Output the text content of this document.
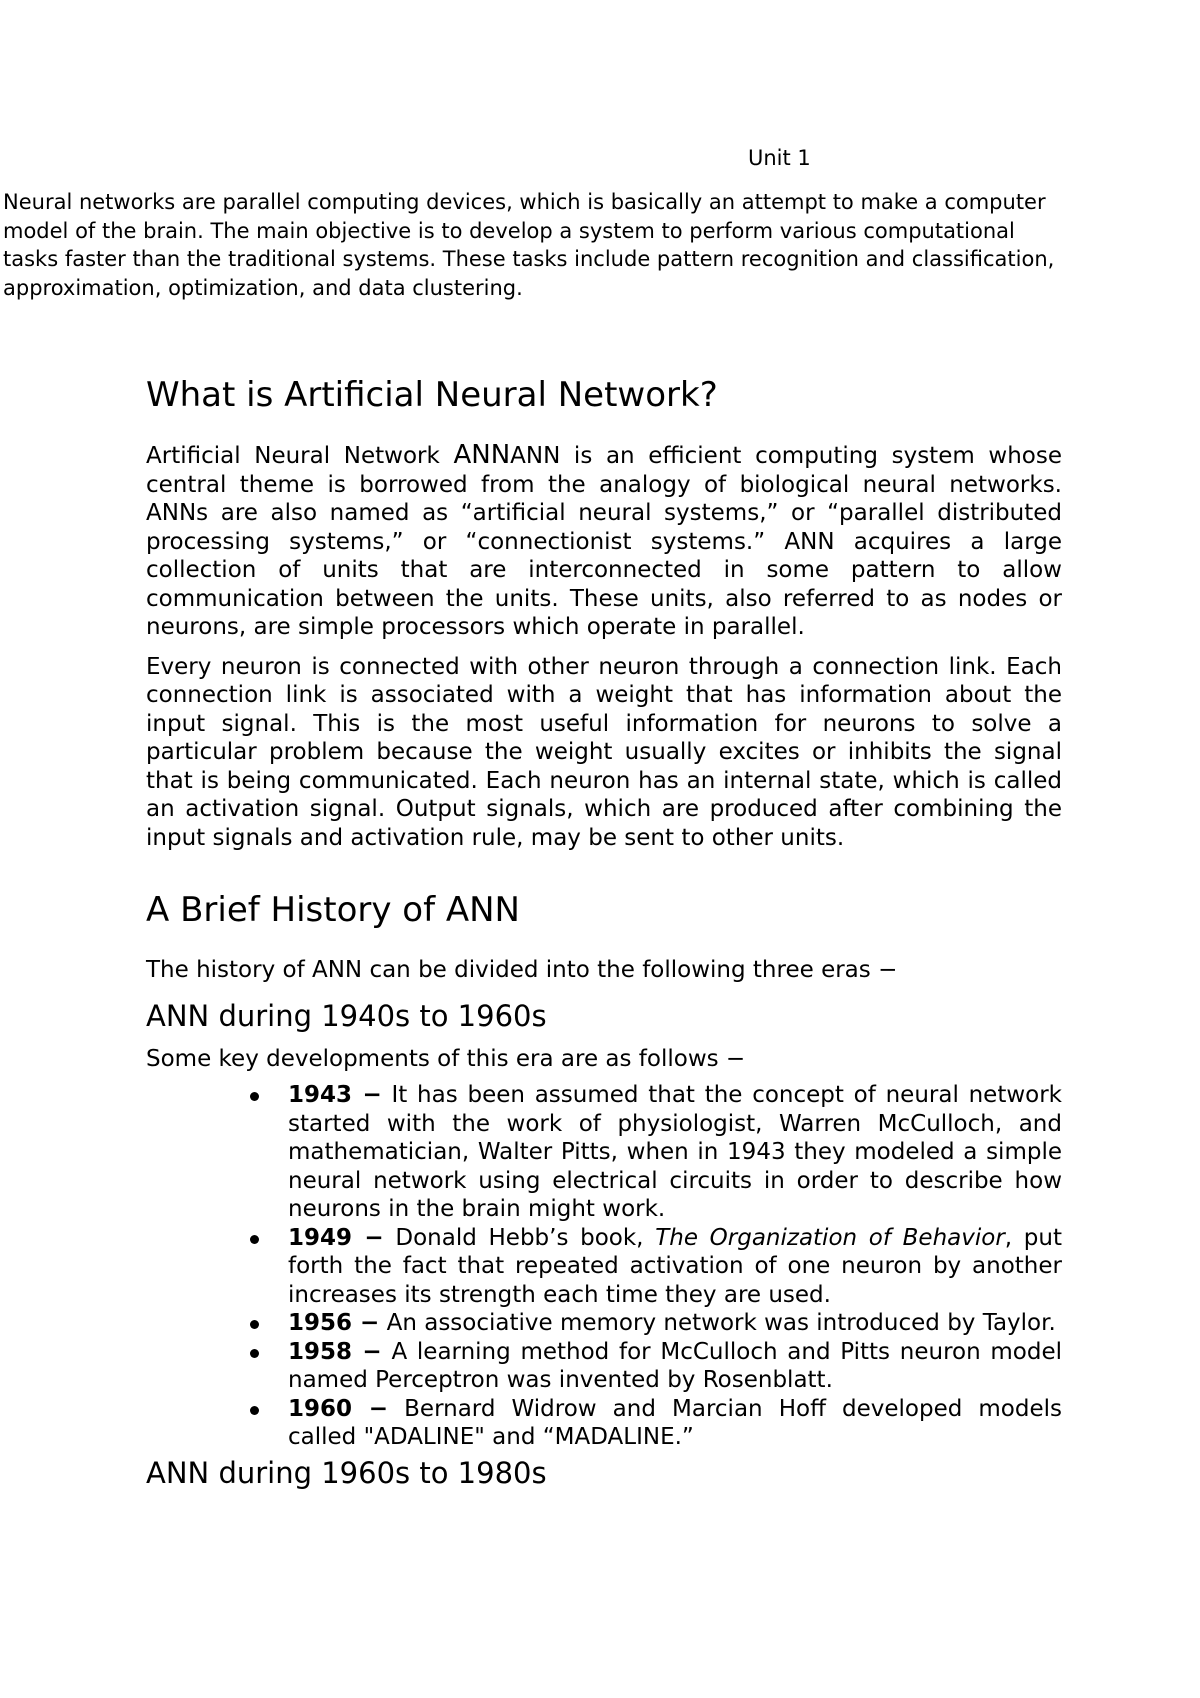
Unit 1

Neural networks are parallel computing devices, which is basically an attempt to make a computer model of the brain. The main objective is to develop a system to perform various computational tasks faster than the traditional systems. These tasks include pattern recognition and classification, approximation, optimization, and data clustering.

What is Artificial Neural Network?

Artificial Neural Network ANNANN is an efficient computing system whose central theme is borrowed from the analogy of biological neural networks. ANNs are also named as “artificial neural systems,” or “parallel distributed processing systems,” or “connectionist systems.” ANN acquires a large collection of units that are interconnected in some pattern to allow communication between the units. These units, also referred to as nodes or neurons, are simple processors which operate in parallel.

Every neuron is connected with other neuron through a connection link. Each connection link is associated with a weight that has information about the input signal. This is the most useful information for neurons to solve a particular problem because the weight usually excites or inhibits the signal that is being communicated. Each neuron has an internal state, which is called an activation signal. Output signals, which are produced after combining the input signals and activation rule, may be sent to other units.

A Brief History of ANN

The history of ANN can be divided into the following three eras −

ANN during 1940s to 1960s

Some key developments of this era are as follows −

1943 − It has been assumed that the concept of neural network started with the work of physiologist, Warren McCulloch, and mathematician, Walter Pitts, when in 1943 they modeled a simple neural network using electrical circuits in order to describe how neurons in the brain might work.
1949 − Donald Hebb’s book, The Organization of Behavior, put forth the fact that repeated activation of one neuron by another increases its strength each time they are used.
1956 − An associative memory network was introduced by Taylor.
1958 − A learning method for McCulloch and Pitts neuron model named Perceptron was invented by Rosenblatt.
1960 − Bernard Widrow and Marcian Hoff developed models called "ADALINE" and “MADALINE.”
ANN during 1960s to 1980s
